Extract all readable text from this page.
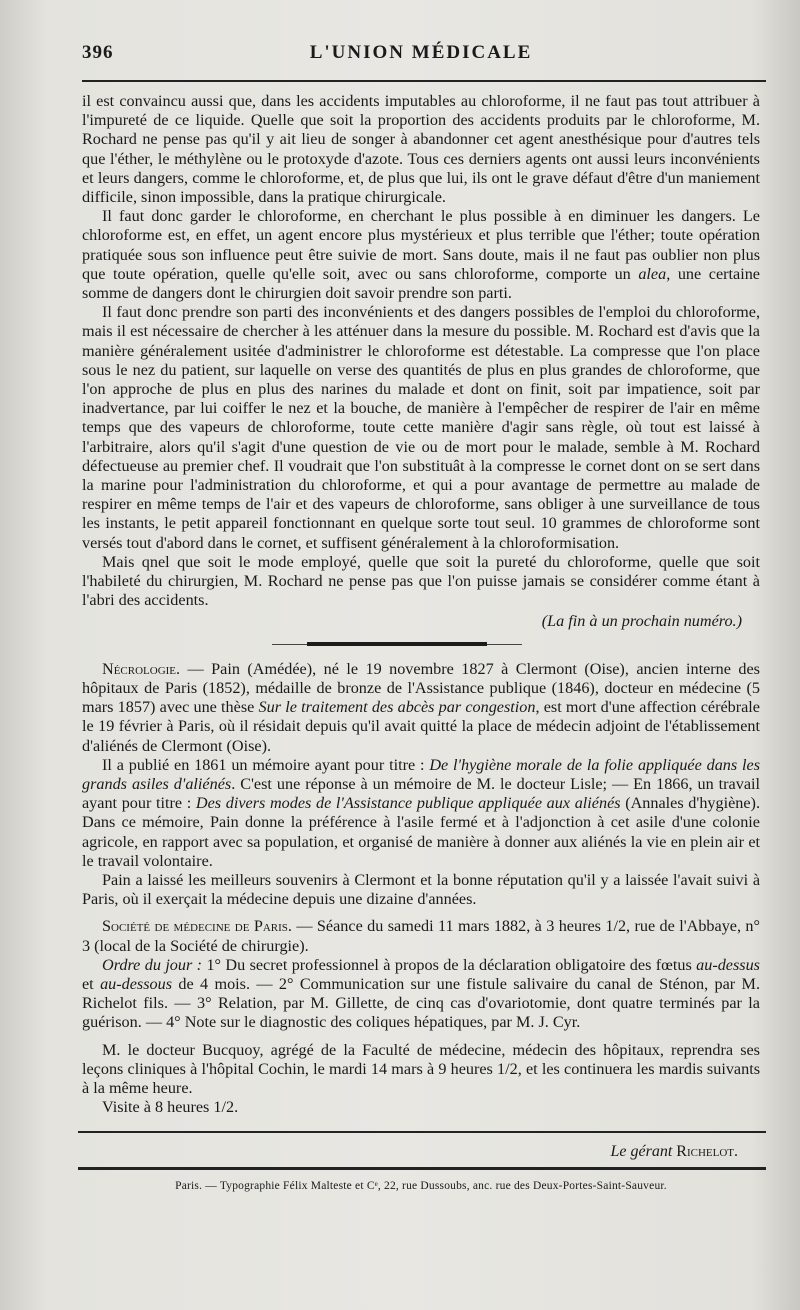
396	L'UNION MÉDICALE

il est convaincu aussi que, dans les accidents imputables au chloroforme, il ne faut pas tout attribuer à l'impureté de ce liquide. Quelle que soit la proportion des accidents produits par le chloroforme, M. Rochard ne pense pas qu'il y ait lieu de songer à abandonner cet agent anesthésique pour d'autres tels que l'éther, le méthylène ou le protoxyde d'azote. Tous ces derniers agents ont aussi leurs inconvénients et leurs dangers, comme le chloroforme, et, de plus que lui, ils ont le grave défaut d'être d'un maniement difficile, sinon impossible, dans la pratique chirurgicale.

Il faut donc garder le chloroforme, en cherchant le plus possible à en diminuer les dangers. Le chloroforme est, en effet, un agent encore plus mystérieux et plus terrible que l'éther; toute opération pratiquée sous son influence peut être suivie de mort. Sans doute, mais il ne faut pas oublier non plus que toute opération, quelle qu'elle soit, avec ou sans chloroforme, comporte un alea, une certaine somme de dangers dont le chirurgien doit savoir prendre son parti.

Il faut donc prendre son parti des inconvénients et des dangers possibles de l'emploi du chloroforme, mais il est nécessaire de chercher à les atténuer dans la mesure du possible. M. Rochard est d'avis que la manière généralement usitée d'administrer le chloroforme est détestable. La compresse que l'on place sous le nez du patient, sur laquelle on verse des quantités de plus en plus grandes de chloroforme, que l'on approche de plus en plus des narines du malade et dont on finit, soit par impatience, soit par inadvertance, par lui coiffer le nez et la bouche, de manière à l'empêcher de respirer de l'air en même temps que des vapeurs de chloroforme, toute cette manière d'agir sans règle, où tout est laissé à l'arbitraire, alors qu'il s'agit d'une question de vie ou de mort pour le malade, semble à M. Rochard défectueuse au premier chef. Il voudrait que l'on substituât à la compresse le cornet dont on se sert dans la marine pour l'administration du chloroforme, et qui a pour avantage de permettre au malade de respirer en même temps de l'air et des vapeurs de chloroforme, sans obliger à une surveillance de tous les instants, le petit appareil fonctionnant en quelque sorte tout seul. 10 grammes de chloroforme sont versés tout d'abord dans le cornet, et suffisent généralement à la chloroformisation.

Mais qnel que soit le mode employé, quelle que soit la pureté du chloroforme, quelle que soit l'habileté du chirurgien, M. Rochard ne pense pas que l'on puisse jamais se considérer comme étant à l'abri des accidents.

(La fin à un prochain numéro.)

Nécrologie. — Pain (Amédée), né le 19 novembre 1827 à Clermont (Oise), ancien interne des hôpitaux de Paris (1852), médaille de bronze de l'Assistance publique (1846), docteur en médecine (5 mars 1857) avec une thèse Sur le traitement des abcès par congestion, est mort d'une affection cérébrale le 19 février à Paris, où il résidait depuis qu'il avait quitté la place de médecin adjoint de l'établissement d'aliénés de Clermont (Oise).

Il a publié en 1861 un mémoire ayant pour titre : De l'hygiène morale de la folie appliquée dans les grands asiles d'aliénés. C'est une réponse à un mémoire de M. le docteur Lisle; — En 1866, un travail ayant pour titre : Des divers modes de l'Assistance publique appliquée aux aliénés (Annales d'hygiène). Dans ce mémoire, Pain donne la préférence à l'asile fermé et à l'adjonction à cet asile d'une colonie agricole, en rapport avec sa population, et organisé de manière à donner aux aliénés la vie en plein air et le travail volontaire.

Pain a laissé les meilleurs souvenirs à Clermont et la bonne réputation qu'il y a laissée l'avait suivi à Paris, où il exerçait la médecine depuis une dizaine d'années.

Société de médecine de Paris. — Séance du samedi 11 mars 1882, à 3 heures 1/2, rue de l'Abbaye, n° 3 (local de la Société de chirurgie).

Ordre du jour : 1° Du secret professionnel à propos de la déclaration obligatoire des fœtus au-dessus et au-dessous de 4 mois. — 2° Communication sur une fistule salivaire du canal de Sténon, par M. Richelot fils. — 3° Relation, par M. Gillette, de cinq cas d'ovariotomie, dont quatre terminés par la guérison. — 4° Note sur le diagnostic des coliques hépatiques, par M. J. Cyr.

M. le docteur Bucquoy, agrégé de la Faculté de médecine, médecin des hôpitaux, reprendra ses leçons cliniques à l'hôpital Cochin, le mardi 14 mars à 9 heures 1/2, et les continuera les mardis suivants à la même heure.

Visite à 8 heures 1/2.

Le gérant Richelot.
Paris. — Typographie Félix Malteste et Cᵉ, 22, rue Dussoubs, anc. rue des Deux-Portes-Saint-Sauveur.
